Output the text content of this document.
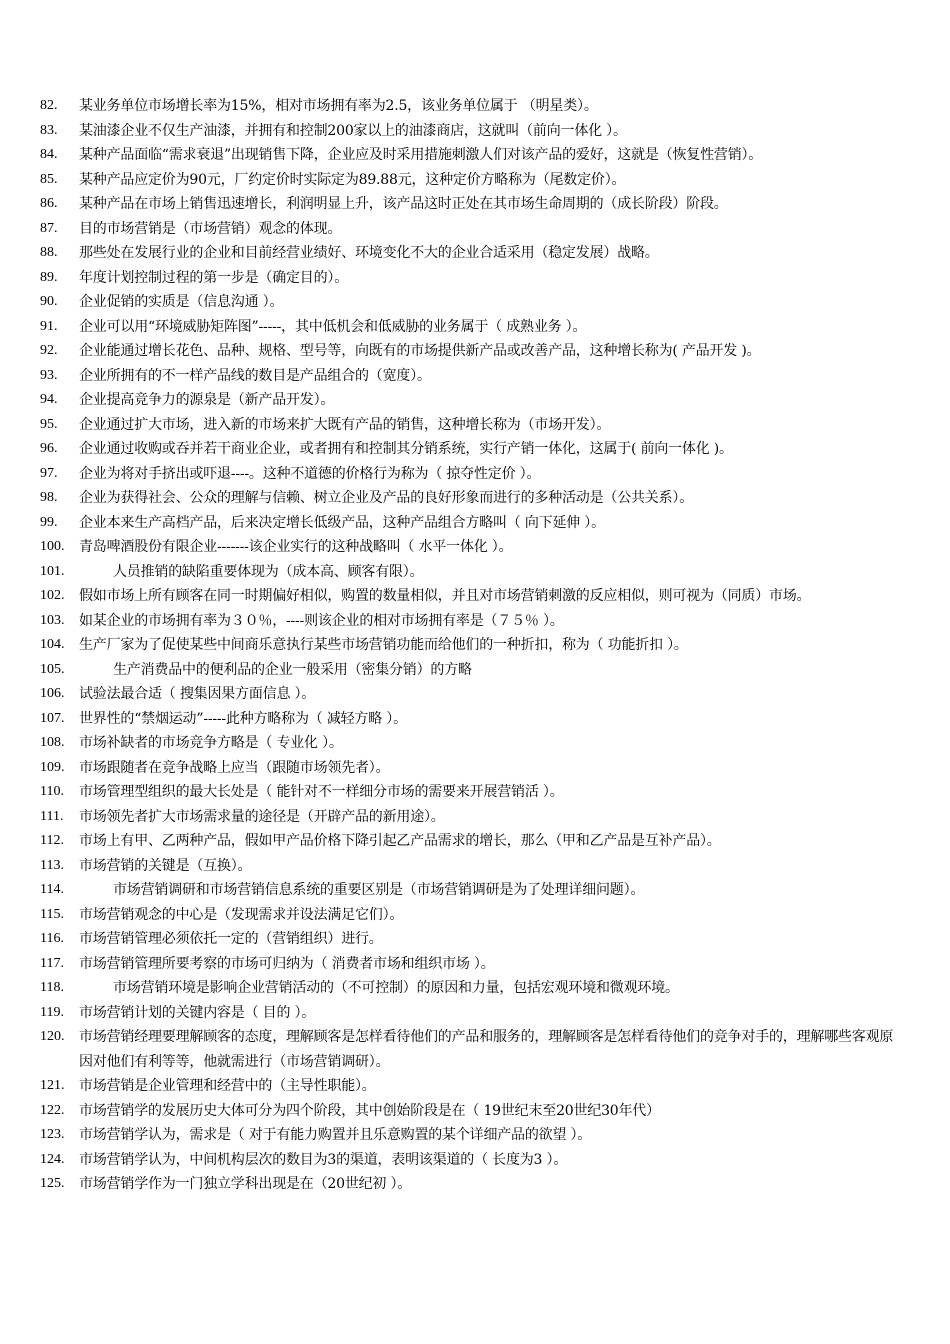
82.	某业务单位市场增长率为15%，相对市场拥有率为2.5，该业务单位属于 （明星类）。
83.	某油漆企业不仅生产油漆，并拥有和控制200家以上的油漆商店，这就叫（前向一体化 ）。
84.	某种产品面临“需求衰退”出现销售下降，企业应及时采用措施刺激人们对该产品的爱好，这就是（恢复性营销）。
85.	某种产品应定价为90元，厂约定价时实际定为89.88元，这种定价方略称为（尾数定价）。
86.	某种产品在市场上销售迅速增长，利润明显上升，该产品这时正处在其市场生命周期的（成长阶段）阶段。
87.	目的市场营销是（市场营销）观念的体现。
88.	那些处在发展行业的企业和目前经营业绩好、环境变化不大的企业合适采用（稳定发展）战略。
89.	年度计划控制过程的第一步是（确定目的）。
90.	企业促销的实质是（信息沟通 ）。
91.	企业可以用“环境威胁矩阵图”-----，其中低机会和低威胁的业务属于（ 成熟业务 ）。
92.	企业能通过增长花色、品种、规格、型号等，向既有的市场提供新产品或改善产品，这种增长称为( 产品开发 )。
93.	企业所拥有的不一样产品线的数目是产品组合的（宽度）。
94.	企业提高竞争力的源泉是（新产品开发）。
95.	企业通过扩大市场，进入新的市场来扩大既有产品的销售，这种增长称为（市场开发）。
96.	企业通过收购或吞并若干商业企业，或者拥有和控制其分销系统，实行产销一体化，这属于( 前向一体化 )。
97.	企业为将对手挤出或吓退----。这种不道德的价格行为称为（ 掠夺性定价 ）。
98.	企业为获得社会、公众的理解与信赖、树立企业及产品的良好形象而进行的多种活动是（公共关系）。
99.	企业本来生产高档产品，后来决定增长低级产品，这种产品组合方略叫（ 向下延伸 ）。
100.	青岛啤酒股份有限企业-------该企业实行的这种战略叫（ 水平一体化 ）。
101.	人员推销的缺陷重要体现为（成本高、顾客有限）。
102.	假如市场上所有顾客在同一时期偏好相似，购置的数量相似，并且对市场营销刺激的反应相似，则可视为（同质）市场。
103.	如某企业的市场拥有率为３０％，----则该企业的相对市场拥有率是（７５％ ）。
104.	生产厂家为了促使某些中间商乐意执行某些市场营销功能而给他们的一种折扣，称为（ 功能折扣 ）。
105.	生产消费品中的便利品的企业一般采用（密集分销）的方略
106.	试验法最合适（ 搜集因果方面信息 ）。
107.	世界性的“禁烟运动”-----此种方略称为（ 减轻方略 ）。
108.	市场补缺者的市场竞争方略是（ 专业化 ）。
109.	市场跟随者在竞争战略上应当（跟随市场领先者）。
110.	市场管理型组织的最大长处是（ 能针对不一样细分市场的需要来开展营销活 ）。
111.	市场领先者扩大市场需求量的途径是（开辟产品的新用途）。
112.	市场上有甲、乙两种产品，假如甲产品价格下降引起乙产品需求的增长，那么（甲和乙产品是互补产品）。
113.	市场营销的关键是（互换）。
114.	市场营销调研和市场营销信息系统的重要区别是（市场营销调研是为了处理详细问题）。
115.	市场营销观念的中心是（发现需求并设法满足它们）。
116.	市场营销管理必须依托一定的（营销组织）进行。
117.	市场营销管理所要考察的市场可归纳为（ 消费者市场和组织市场 ）。
118.	市场营销环境是影响企业营销活动的（不可控制）的原因和力量，包括宏观环境和微观环境。
119.	市场营销计划的关键内容是（ 目的 ）。
120.	市场营销经理要理解顾客的态度，理解顾客是怎样看待他们的产品和服务的，理解顾客是怎样看待他们的竞争对手的，理解哪些客观原因对他们有利等等，他就需进行（市场营销调研）。
121.	市场营销是企业管理和经营中的（主导性职能）。
122.	市场营销学的发展历史大体可分为四个阶段，其中创始阶段是在（ 19世纪末至20世纪30年代）
123.	市场营销学认为，需求是（ 对于有能力购置并且乐意购置的某个详细产品的欲望 ）。
124.	市场营销学认为，中间机构层次的数目为3的渠道，表明该渠道的（ 长度为3 ）。
125.	市场营销学作为一门独立学科出现是在（20世纪初 ）。
